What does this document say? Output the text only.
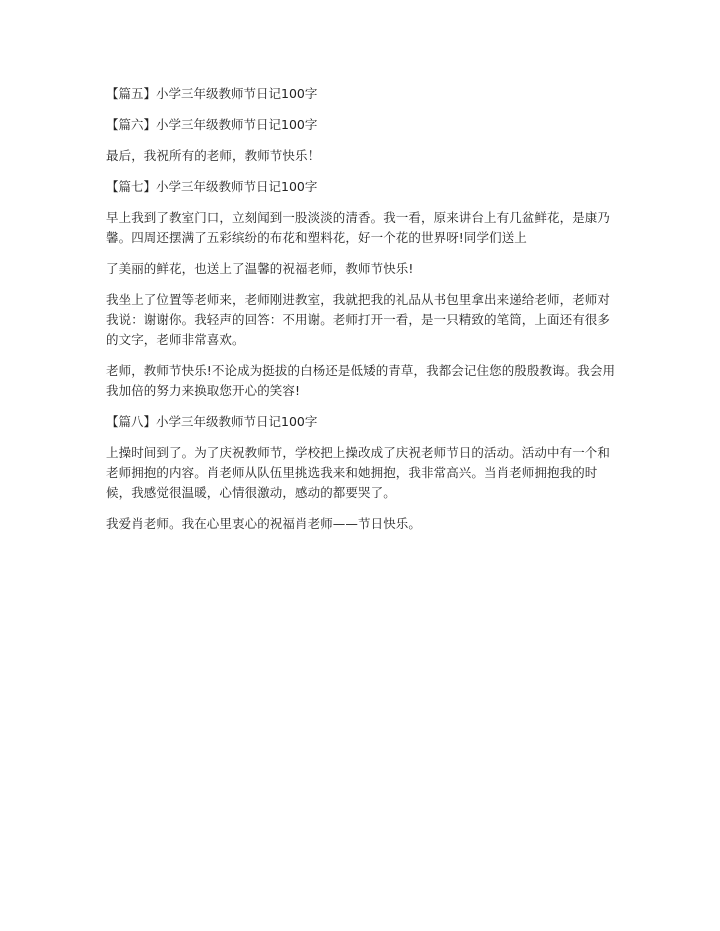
【篇五】小学三年级教师节日记100字

【篇六】小学三年级教师节日记100字

最后，我祝所有的老师，教师节快乐！

【篇七】小学三年级教师节日记100字

早上我到了教室门口，立刻闻到一股淡淡的清香。我一看，原来讲台上有几盆鲜花，是康乃馨。四周还摆满了五彩缤纷的布花和塑料花，好一个花的世界呀!同学们送上

了美丽的鲜花，也送上了温馨的祝福老师，教师节快乐!

我坐上了位置等老师来，老师刚进教室，我就把我的礼品从书包里拿出来递给老师，老师对我说：谢谢你。我轻声的回答：不用谢。老师打开一看，是一只精致的笔筒，上面还有很多的文字，老师非常喜欢。

老师，教师节快乐!不论成为挺拔的白杨还是低矮的青草，我都会记住您的殷殷教诲。我会用我加倍的努力来换取您开心的笑容!

【篇八】小学三年级教师节日记100字

上操时间到了。为了庆祝教师节，学校把上操改成了庆祝老师节日的活动。活动中有一个和老师拥抱的内容。肖老师从队伍里挑选我来和她拥抱，我非常高兴。当肖老师拥抱我的时候，我感觉很温暖，心情很激动，感动的都要哭了。

我爱肖老师。我在心里衷心的祝福肖老师——节日快乐。
